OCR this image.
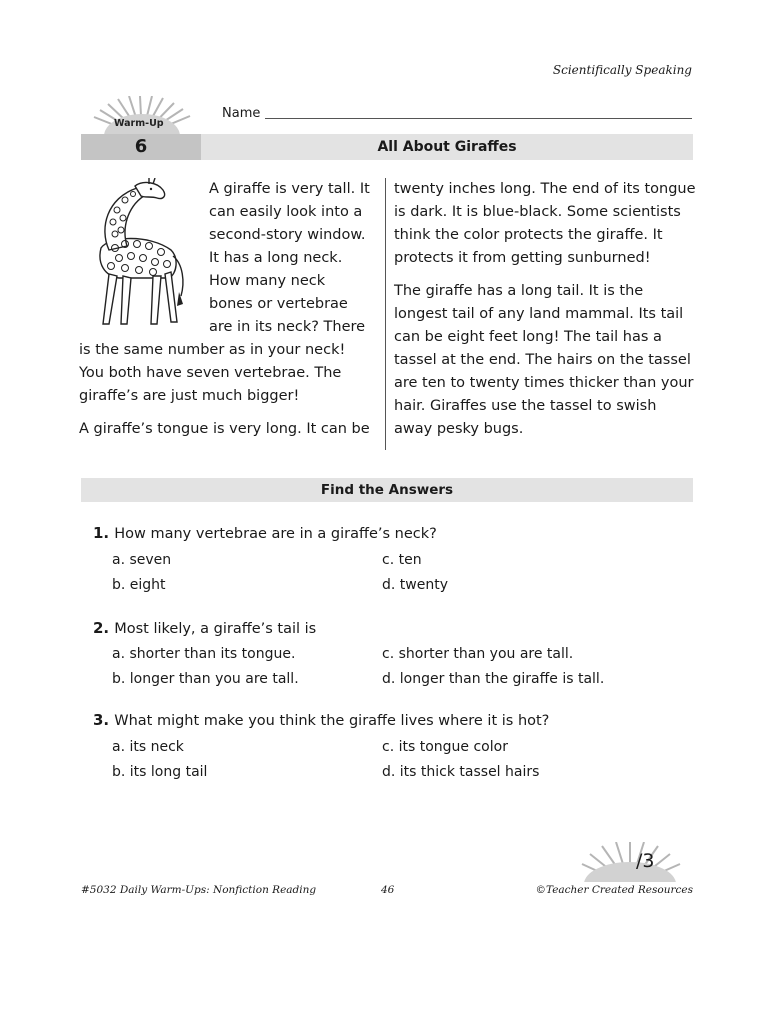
Scientifically Speaking
Warm-Up
Name
6	All About Giraffes

A giraffe is very tall. It can easily look into a second-story window. It has a long neck. How many neck bones or vertebrae are in its neck? There is the same number as in your neck! You both have seven vertebrae. The giraffe’s are just much bigger!

A giraffe’s tongue is very long. It can be

twenty inches long. The end of its tongue is dark. It is blue-black. Some scientists think the color protects the giraffe. It protects it from getting sunburned!

The giraffe has a long tail. It is the longest tail of any land mammal. Its tail can be eight feet long! The tail has a tassel at the end. The hairs on the tassel are ten to twenty times thicker than your hair. Giraffes use the tassel to swish away pesky bugs.

Find the Answers
1. How many vertebrae are in a giraffe’s neck?
a. seven	c. ten
b. eight	d. twenty
2. Most likely, a giraffe’s tail is
a. shorter than its tongue.	c. shorter than you are tall.
b. longer than you are tall.	d. longer than the giraffe is tall.
3. What might make you think the giraffe lives where it is hot?
a. its neck	c. its tongue color
b. its long tail	d. its thick tassel hairs
/3
#5032 Daily Warm-Ups: Nonfiction Reading	46	©Teacher Created Resources
